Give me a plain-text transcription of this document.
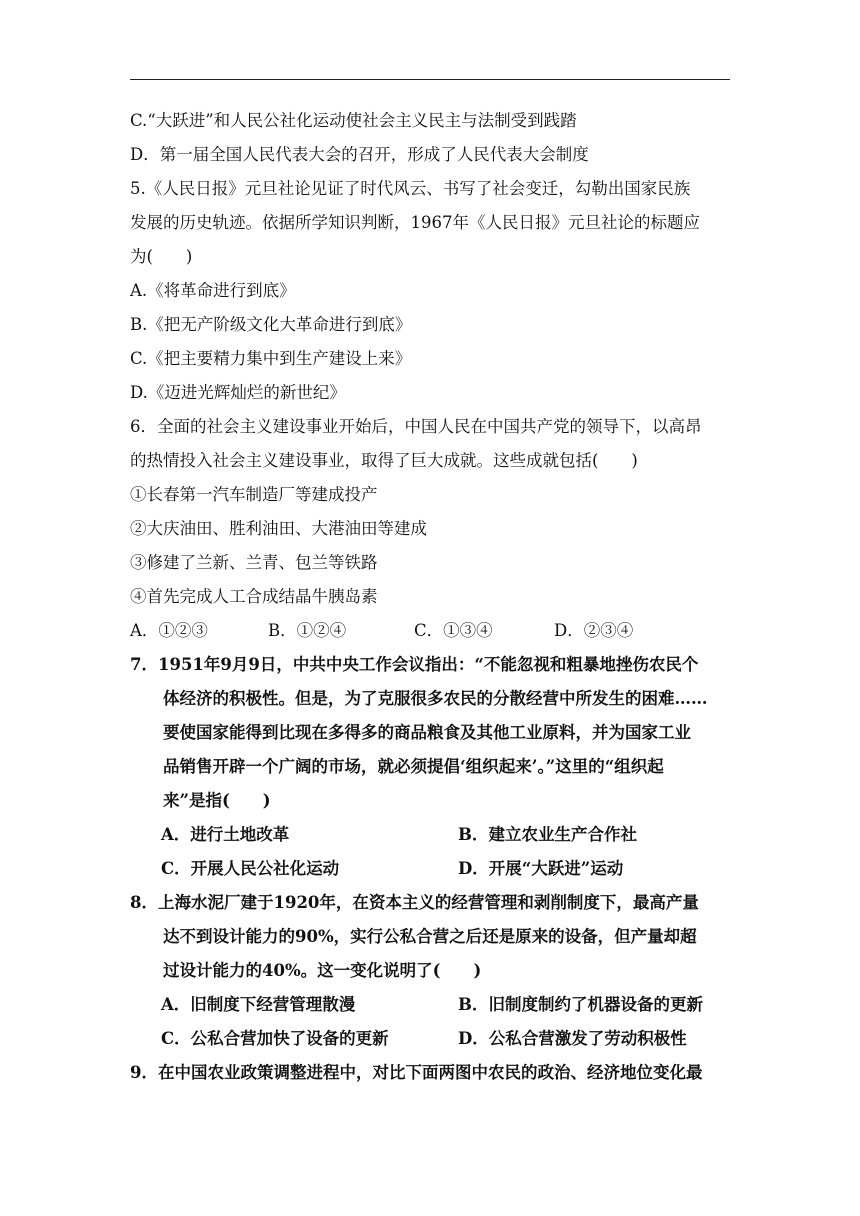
C.“大跃进”和人民公社化运动使社会主义民主与法制受到践踏

D．第一届全国人民代表大会的召开，形成了人民代表大会制度

5.《人民日报》元旦社论见证了时代风云、书写了社会变迁，勾勒出国家民族

发展的历史轨迹。依据所学知识判断，1967年《人民日报》元旦社论的标题应

为(　　)

A.《将革命进行到底》

B.《把无产阶级文化大革命进行到底》

C.《把主要精力集中到生产建设上来》

D.《迈进光辉灿烂的新世纪》

6．全面的社会主义建设事业开始后，中国人民在中国共产党的领导下，以高昂

的热情投入社会主义建设事业，取得了巨大成就。这些成就包括(　　)

①长春第一汽车制造厂等建成投产

②大庆油田、胜利油田、大港油田等建成

③修建了兰新、兰青、包兰等铁路

④首先完成人工合成结晶牛胰岛素

A．①②③	B．①②④	C．①③④	D．②③④

7．1951年9月9日，中共中央工作会议指出：“不能忽视和粗暴地挫伤农民个

体经济的积极性。但是，为了克服很多农民的分散经营中所发生的困难……

要使国家能得到比现在多得多的商品粮食及其他工业原料，并为国家工业

品销售开辟一个广阔的市场，就必须提倡‘组织起来’。”这里的“组织起

来”是指(　　)

A．进行土地改革	B．建立农业生产合作社
C．开展人民公社化运动	D．开展“大跃进”运动

8．上海水泥厂建于1920年，在资本主义的经营管理和剥削制度下，最高产量

达不到设计能力的90%，实行公私合营之后还是原来的设备，但产量却超

过设计能力的40%。这一变化说明了(　　)

A．旧制度下经营管理散漫	B．旧制度制约了机器设备的更新
C．公私合营加快了设备的更新	D．公私合营激发了劳动积极性

9．在中国农业政策调整进程中，对比下面两图中农民的政治、经济地位变化最
